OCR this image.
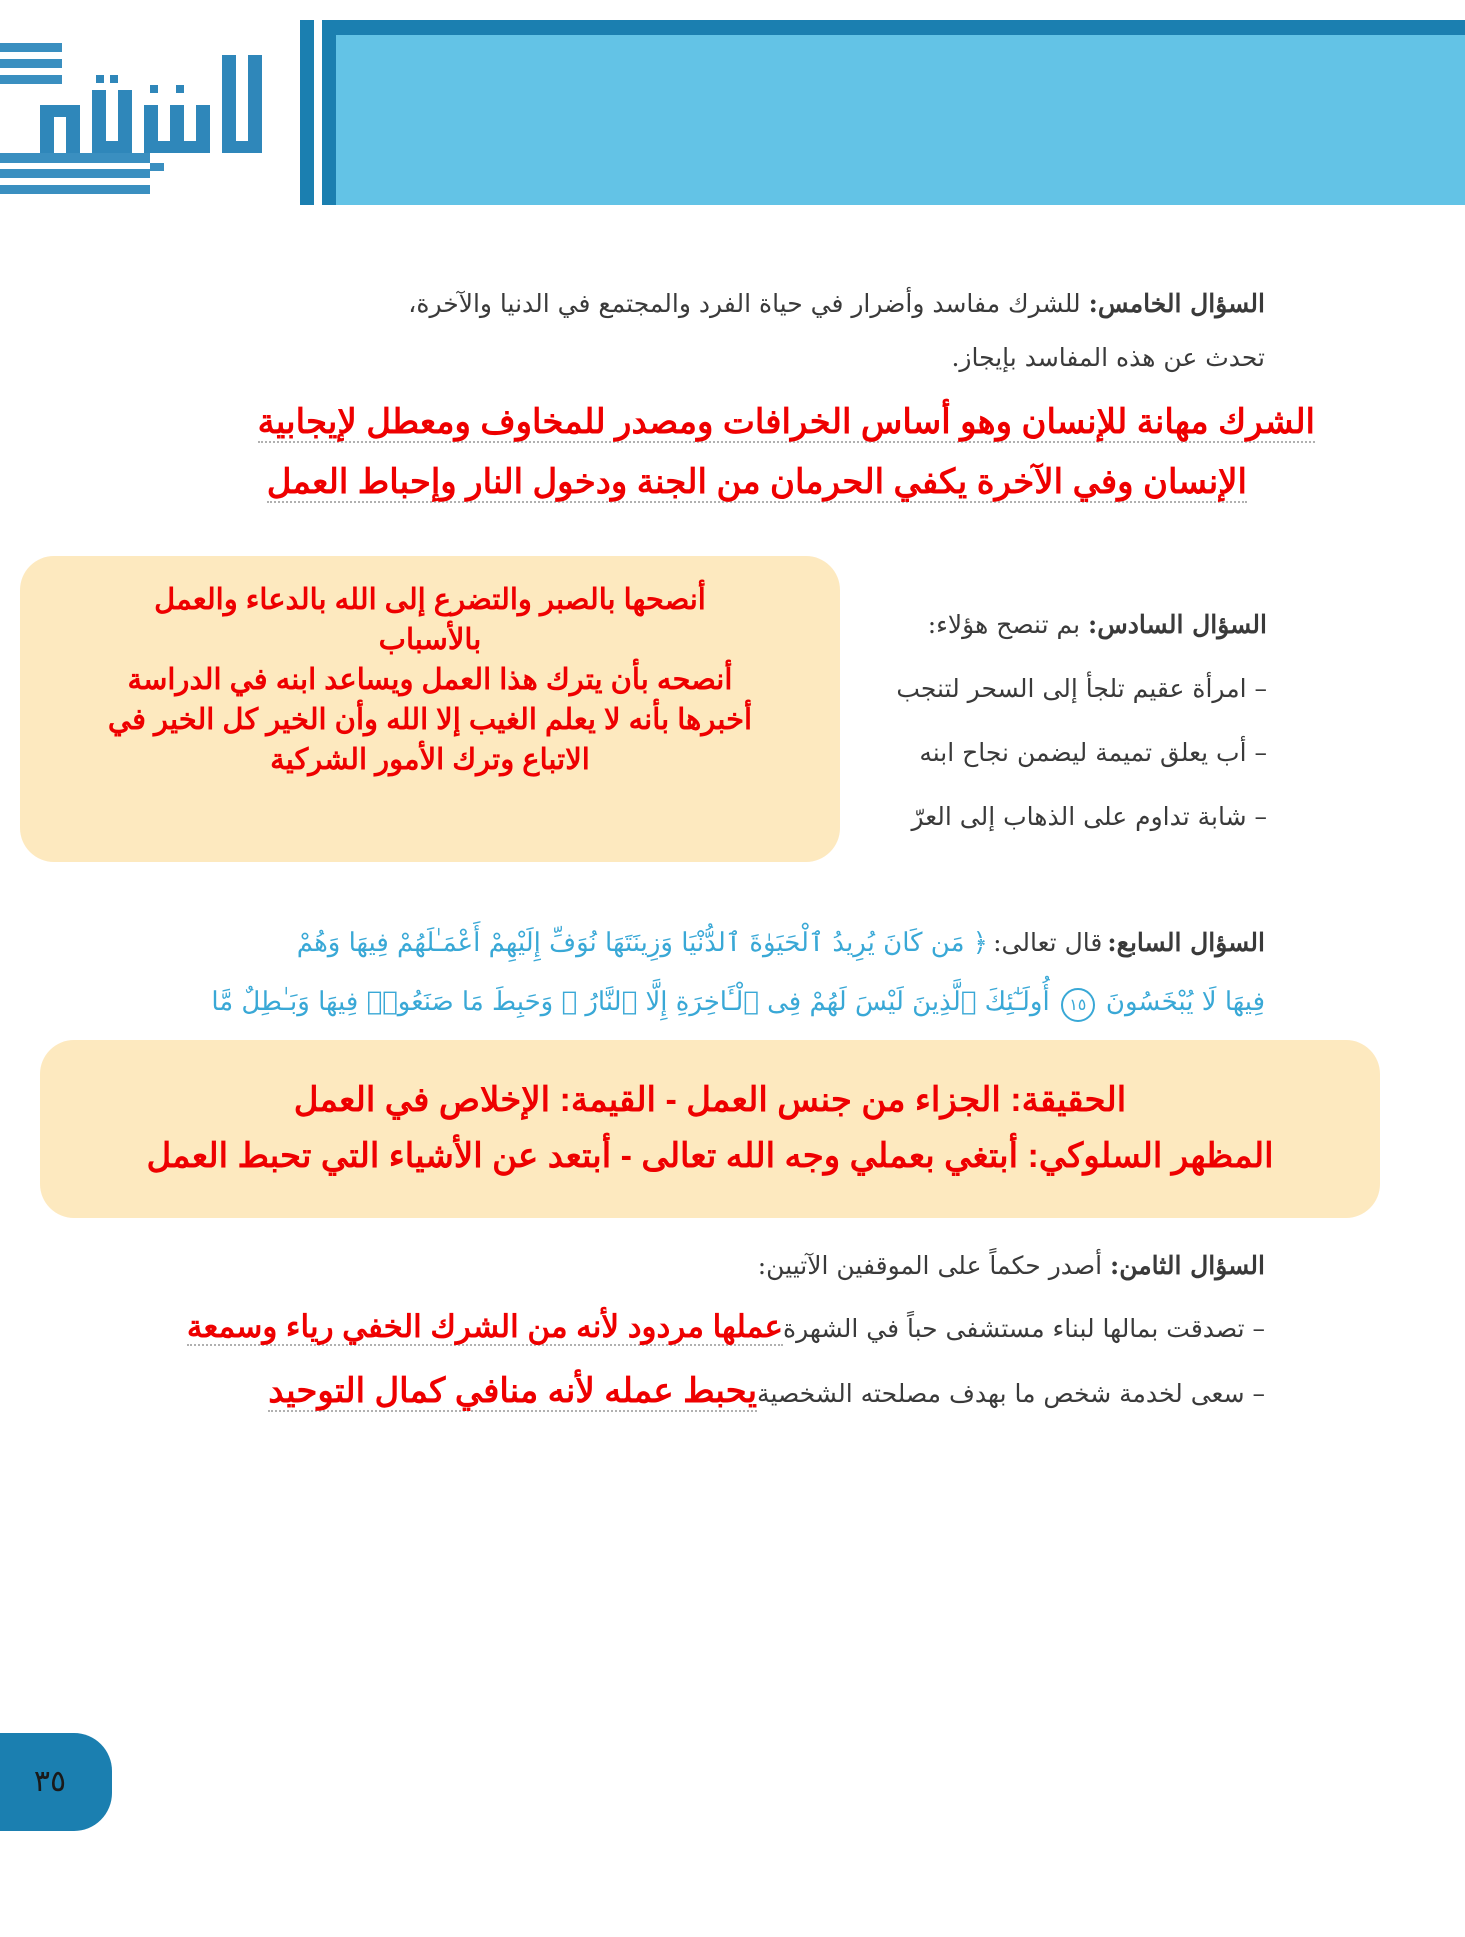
السؤال الخامس: للشرك مفاسد وأضرار في حياة الفرد والمجتمع في الدنيا والآخرة،
تحدث عن هذه المفاسد بإيجاز.
الشرك مهانة للإنسان وهو أساس الخرافات ومصدر للمخاوف ومعطل لإيجابية
الإنسان وفي الآخرة يكفي الحرمان من الجنة ودخول النار وإحباط العمل
السؤال السادس: بم تنصح هؤلاء:
– امرأة عقيم تلجأ إلى السحر لتنجب
– أب يعلق تميمة ليضمن نجاح ابنه
– شابة تداوم على الذهاب إلى العرّ
أنصحها بالصبر والتضرع إلى الله بالدعاء والعمل
بالأسباب
أنصحه بأن يترك هذا العمل ويساعد ابنه في الدراسة
أخبرها بأنه لا يعلم الغيب إلا الله وأن الخير كل الخير في
الاتباع وترك الأمور الشركية
السؤال السابع: قال تعالى: ﴿ مَن كَانَ يُرِيدُ ٱلْحَيَوٰةَ ٱلدُّنْيَا وَزِينَتَهَا نُوَفِّ إِلَيْهِمْ أَعْمَـٰلَهُمْ فِيهَا وَهُمْ
فِيهَا لَا يُبْخَسُونَ ١٥ أُولَـٰٓئِكَ ٱلَّذِينَ لَيْسَ لَهُمْ فِى ٱلْـَٔاخِرَةِ إِلَّا ٱلنَّارُ ۖ وَحَبِطَ مَا صَنَعُوا۟ فِيهَا وَبَـٰطِلٌ مَّا
الحقيقة: الجزاء من جنس العمل - القيمة: الإخلاص في العمل
المظهر السلوكي: أبتغي بعملي وجه الله تعالى - أبتعد عن الأشياء التي تحبط العمل
السؤال الثامن: أصدر حكماً على الموقفين الآتيين:
– تصدقت بمالها لبناء مستشفى حباً في الشهرةعملها مردود لأنه من الشرك الخفي رياء وسمعة
– سعى لخدمة شخص ما بهدف مصلحته الشخصيةيحبط عمله لأنه منافي كمال التوحيد
٣٥
